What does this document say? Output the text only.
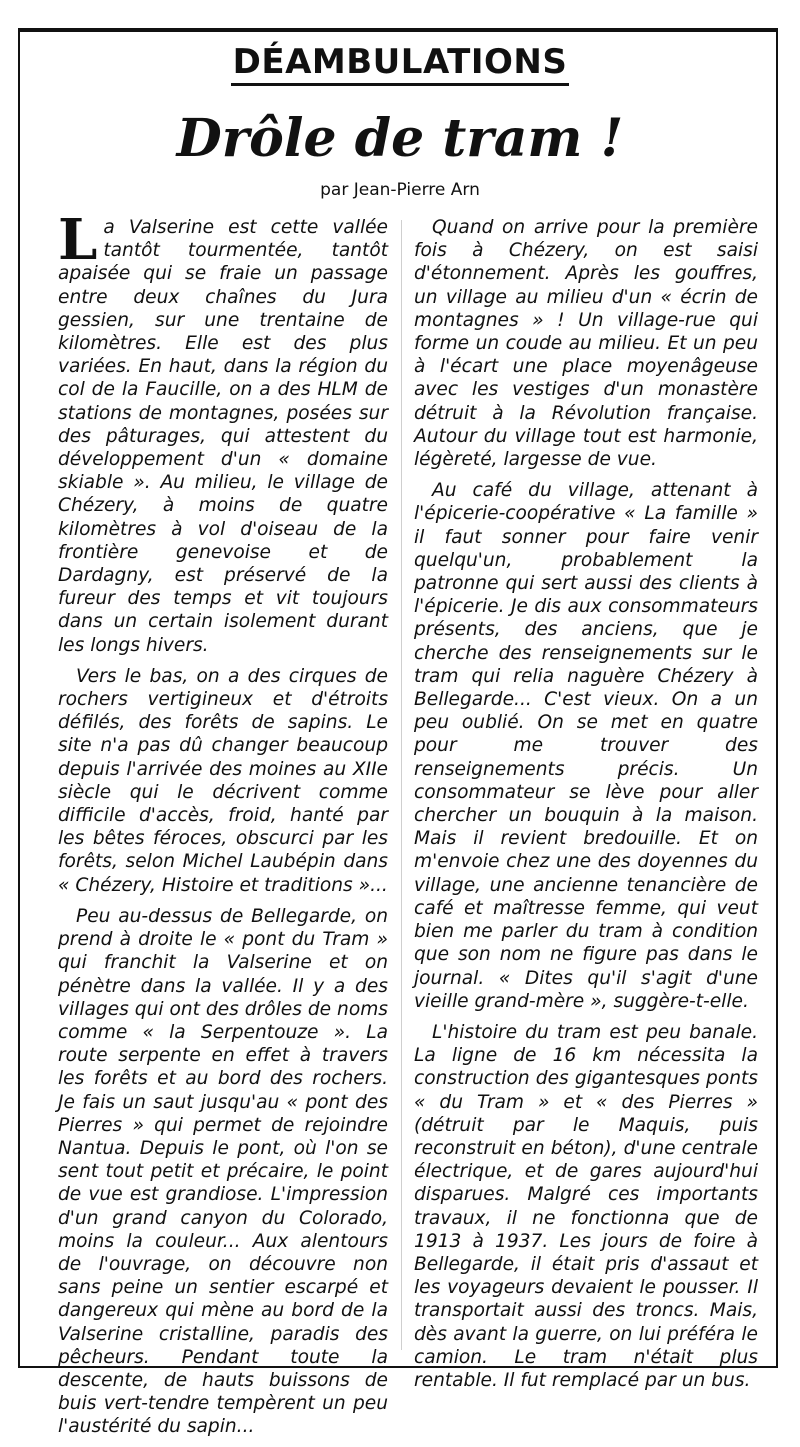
DÉAMBULATIONS
Drôle de tram !
par Jean-Pierre Arn

La Valserine est cette vallée tantôt tourmentée, tantôt apaisée qui se fraie un passage entre deux chaînes du Jura gessien, sur une trentaine de kilomètres. Elle est des plus variées. En haut, dans la région du col de la Faucille, on a des HLM de stations de montagnes, posées sur des pâturages, qui attestent du développement d'un « domaine skiable ». Au milieu, le village de Chézery, à moins de quatre kilomètres à vol d'oiseau de la frontière genevoise et de Dardagny, est préservé de la fureur des temps et vit toujours dans un certain isolement durant les longs hivers.

Vers le bas, on a des cirques de rochers vertigineux et d'étroits défilés, des forêts de sapins. Le site n'a pas dû changer beaucoup depuis l'arrivée des moines au XIIe siècle qui le décrivent comme difficile d'accès, froid, hanté par les bêtes féroces, obscurci par les forêts, selon Michel Laubépin dans « Chézery, Histoire et traditions »...

Peu au-dessus de Bellegarde, on prend à droite le « pont du Tram » qui franchit la Valserine et on pénètre dans la vallée. Il y a des villages qui ont des drôles de noms comme « la Serpentouze ». La route serpente en effet à travers les forêts et au bord des rochers. Je fais un saut jusqu'au « pont des Pierres » qui permet de rejoindre Nantua. Depuis le pont, où l'on se sent tout petit et précaire, le point de vue est grandiose. L'impression d'un grand canyon du Colorado, moins la couleur... Aux alentours de l'ouvrage, on découvre non sans peine un sentier escarpé et dangereux qui mène au bord de la Valserine cristalline, paradis des pêcheurs. Pendant toute la descente, de hauts buissons de buis vert-tendre tempèrent un peu l'austérité du sapin...

Quand on arrive pour la première fois à Chézery, on est saisi d'étonnement. Après les gouffres, un village au milieu d'un « écrin de montagnes » ! Un village-rue qui forme un coude au milieu. Et un peu à l'écart une place moyenâgeuse avec les vestiges d'un monastère détruit à la Révolution française. Autour du village tout est harmonie, légèreté, largesse de vue.

Au café du village, attenant à l'épicerie-coopérative « La famille » il faut sonner pour faire venir quelqu'un, probablement la patronne qui sert aussi des clients à l'épicerie. Je dis aux consommateurs présents, des anciens, que je cherche des renseignements sur le tram qui relia naguère Chézery à Bellegarde... C'est vieux. On a un peu oublié. On se met en quatre pour me trouver des renseignements précis. Un consommateur se lève pour aller chercher un bouquin à la maison. Mais il revient bredouille. Et on m'envoie chez une des doyennes du village, une ancienne tenancière de café et maîtresse femme, qui veut bien me parler du tram à condition que son nom ne figure pas dans le journal. « Dites qu'il s'agit d'une vieille grand-mère », suggère-t-elle.

L'histoire du tram est peu banale. La ligne de 16 km nécessita la construction des gigantesques ponts « du Tram » et « des Pierres » (détruit par le Maquis, puis reconstruit en béton), d'une centrale électrique, et de gares aujourd'hui disparues. Malgré ces importants travaux, il ne fonctionna que de 1913 à 1937. Les jours de foire à Bellegarde, il était pris d'assaut et les voyageurs devaient le pousser. Il transportait aussi des troncs. Mais, dès avant la guerre, on lui préféra le camion. Le tram n'était plus rentable. Il fut remplacé par un bus.
